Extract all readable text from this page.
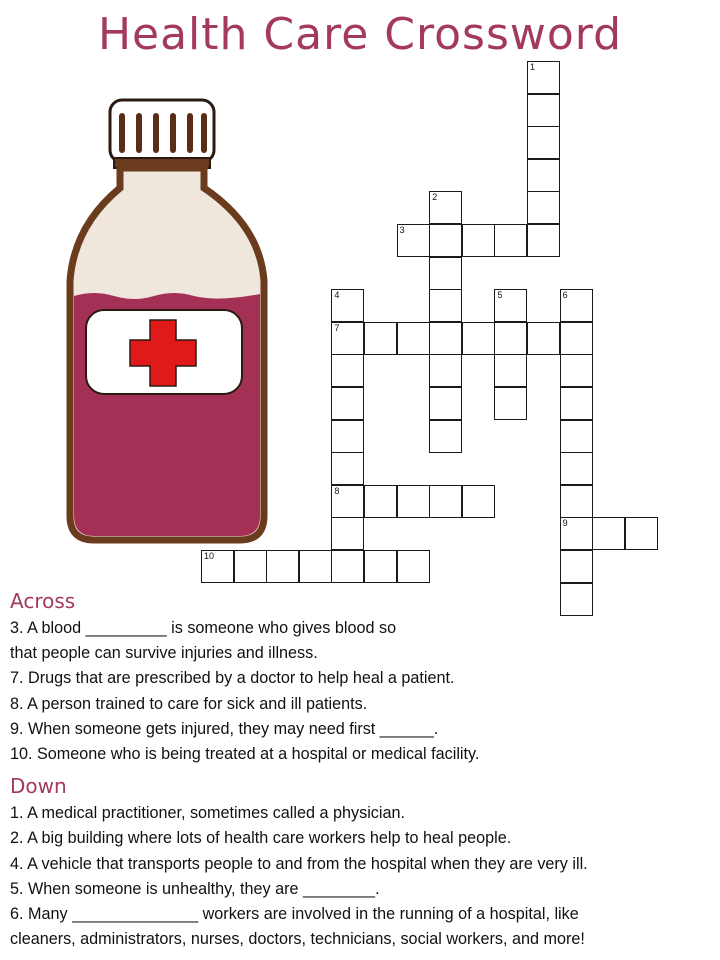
Health Care Crossword
1
2
3
4
7
8
5	6
9
10
Across

3. A blood _________ is someone who gives blood so

that people can survive injuries and illness.

7. Drugs that are prescribed by a doctor to help heal a patient.

8. A person trained to care for sick and ill patients.

9. When someone gets injured, they may need first ______.

10. Someone who is being treated at a hospital or medical facility.

Down

1. A medical practitioner, sometimes called a physician.

2. A big building where lots of health care workers help to heal people.

4. A vehicle that transports people to and from the hospital when they are very ill.

5. When someone is unhealthy, they are ________.

6. Many ______________ workers are involved in the running of a hospital, like

cleaners, administrators, nurses, doctors, technicians, social workers, and more!
